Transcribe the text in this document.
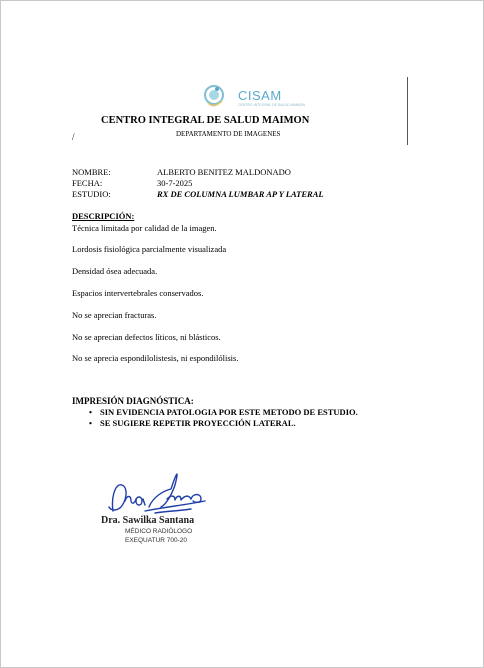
CISAM
CENTRO INTEGRAL DE SALUD MAIMON
CENTRO INTEGRAL DE SALUD MAIMON
DEPARTAMENTO DE IMAGENES
/
NOMBRE:	ALBERTO BENITEZ MALDONADO
FECHA:	30-7-2025
ESTUDIO:	RX DE COLUMNA LUMBAR AP Y LATERAL
DESCRIPCIÓN:
Técnica limitada por calidad de la imagen.
Lordosis fisiológica parcialmente visualizada
Densidad ósea adecuada.
Espacios intervertebrales conservados.
No se aprecian fracturas.
No se aprecian defectos líticos, ni blásticos.
No se aprecia espondilolistesis, ni espondilólisis.
IMPRESIÓN DIAGNÓSTICA:
• SIN EVIDENCIA PATOLOGIA POR ESTE METODO DE ESTUDIO.
• SE SUGIERE REPETIR PROYECCIÓN LATERAL.
Dra. Sawilka Santana
MÉDICO RADIÓLOGO
EXEQUATUR 700-20
